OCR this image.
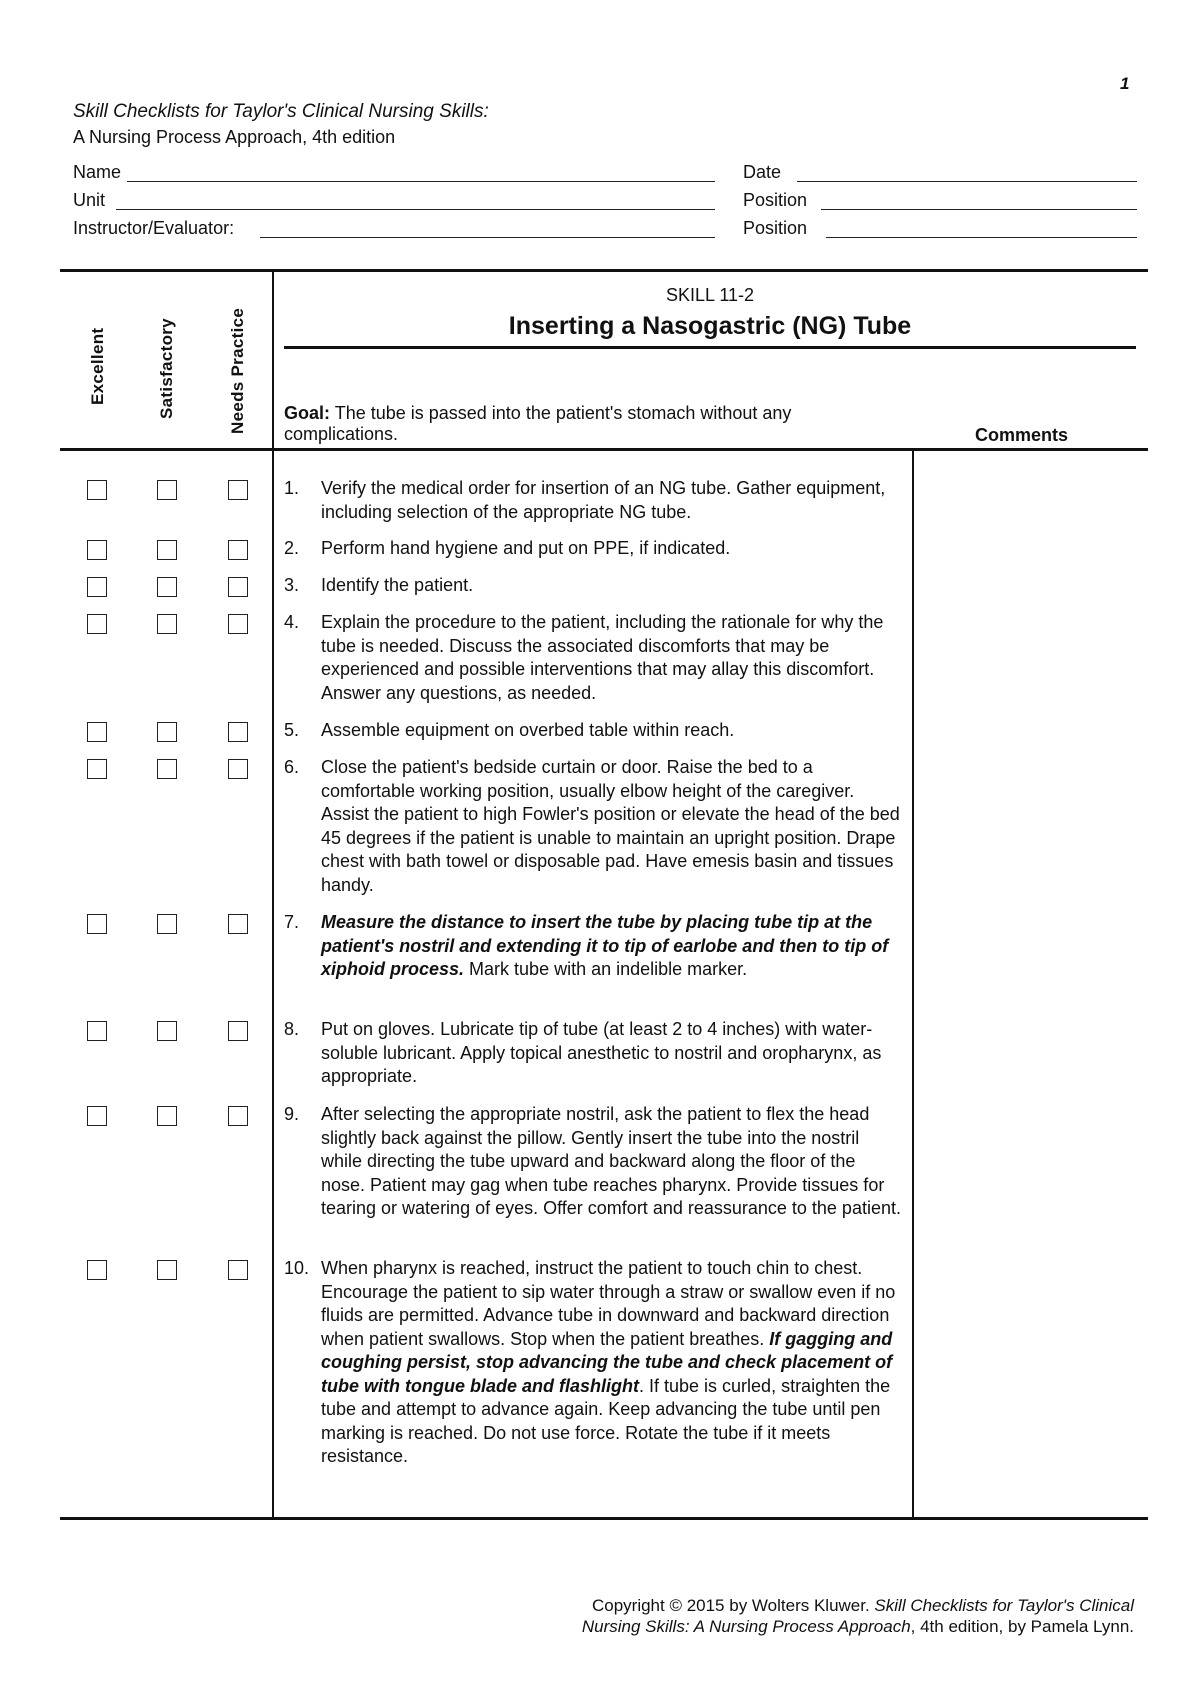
1
Skill Checklists for Taylor's Clinical Nursing Skills:
A Nursing Process Approach, 4th edition
Name
Unit
Instructor/Evaluator:
Date
Position
Position
Excellent	Satisfactory	Needs Practice
SKILL 11-2
Inserting a Nasogastric (NG) Tube
Goal: The tube is passed into the patient's stomach without any complications.	Comments
1. Verify the medical order for insertion of an NG tube. Gather equipment, including selection of the appropriate NG tube.
2. Perform hand hygiene and put on PPE, if indicated.
3. Identify the patient.
4. Explain the procedure to the patient, including the rationale for why the tube is needed. Discuss the associated discomforts that may be experienced and possible interventions that may allay this discomfort. Answer any questions, as needed.
5. Assemble equipment on overbed table within reach.
6. Close the patient's bedside curtain or door. Raise the bed to a comfortable working position, usually elbow height of the caregiver. Assist the patient to high Fowler's position or elevate the head of the bed 45 degrees if the patient is unable to maintain an upright position. Drape chest with bath towel or disposable pad. Have emesis basin and tissues handy.
7. Measure the distance to insert the tube by placing tube tip at the patient's nostril and extending it to tip of earlobe and then to tip of xiphoid process. Mark tube with an indelible marker.
8. Put on gloves. Lubricate tip of tube (at least 2 to 4 inches) with water-soluble lubricant. Apply topical anesthetic to nostril and oropharynx, as appropriate.
9. After selecting the appropriate nostril, ask the patient to flex the head slightly back against the pillow. Gently insert the tube into the nostril while directing the tube upward and backward along the floor of the nose. Patient may gag when tube reaches pharynx. Provide tissues for tearing or watering of eyes. Offer comfort and reassurance to the patient.
10. When pharynx is reached, instruct the patient to touch chin to chest. Encourage the patient to sip water through a straw or swallow even if no fluids are permitted. Advance tube in downward and backward direction when patient swallows. Stop when the patient breathes. If gagging and coughing persist, stop advancing the tube and check placement of tube with tongue blade and flashlight. If tube is curled, straighten the tube and attempt to advance again. Keep advancing the tube until pen marking is reached. Do not use force. Rotate the tube if it meets resistance.
Copyright © 2015 by Wolters Kluwer. Skill Checklists for Taylor's Clinical
Nursing Skills: A Nursing Process Approach, 4th edition, by Pamela Lynn.
